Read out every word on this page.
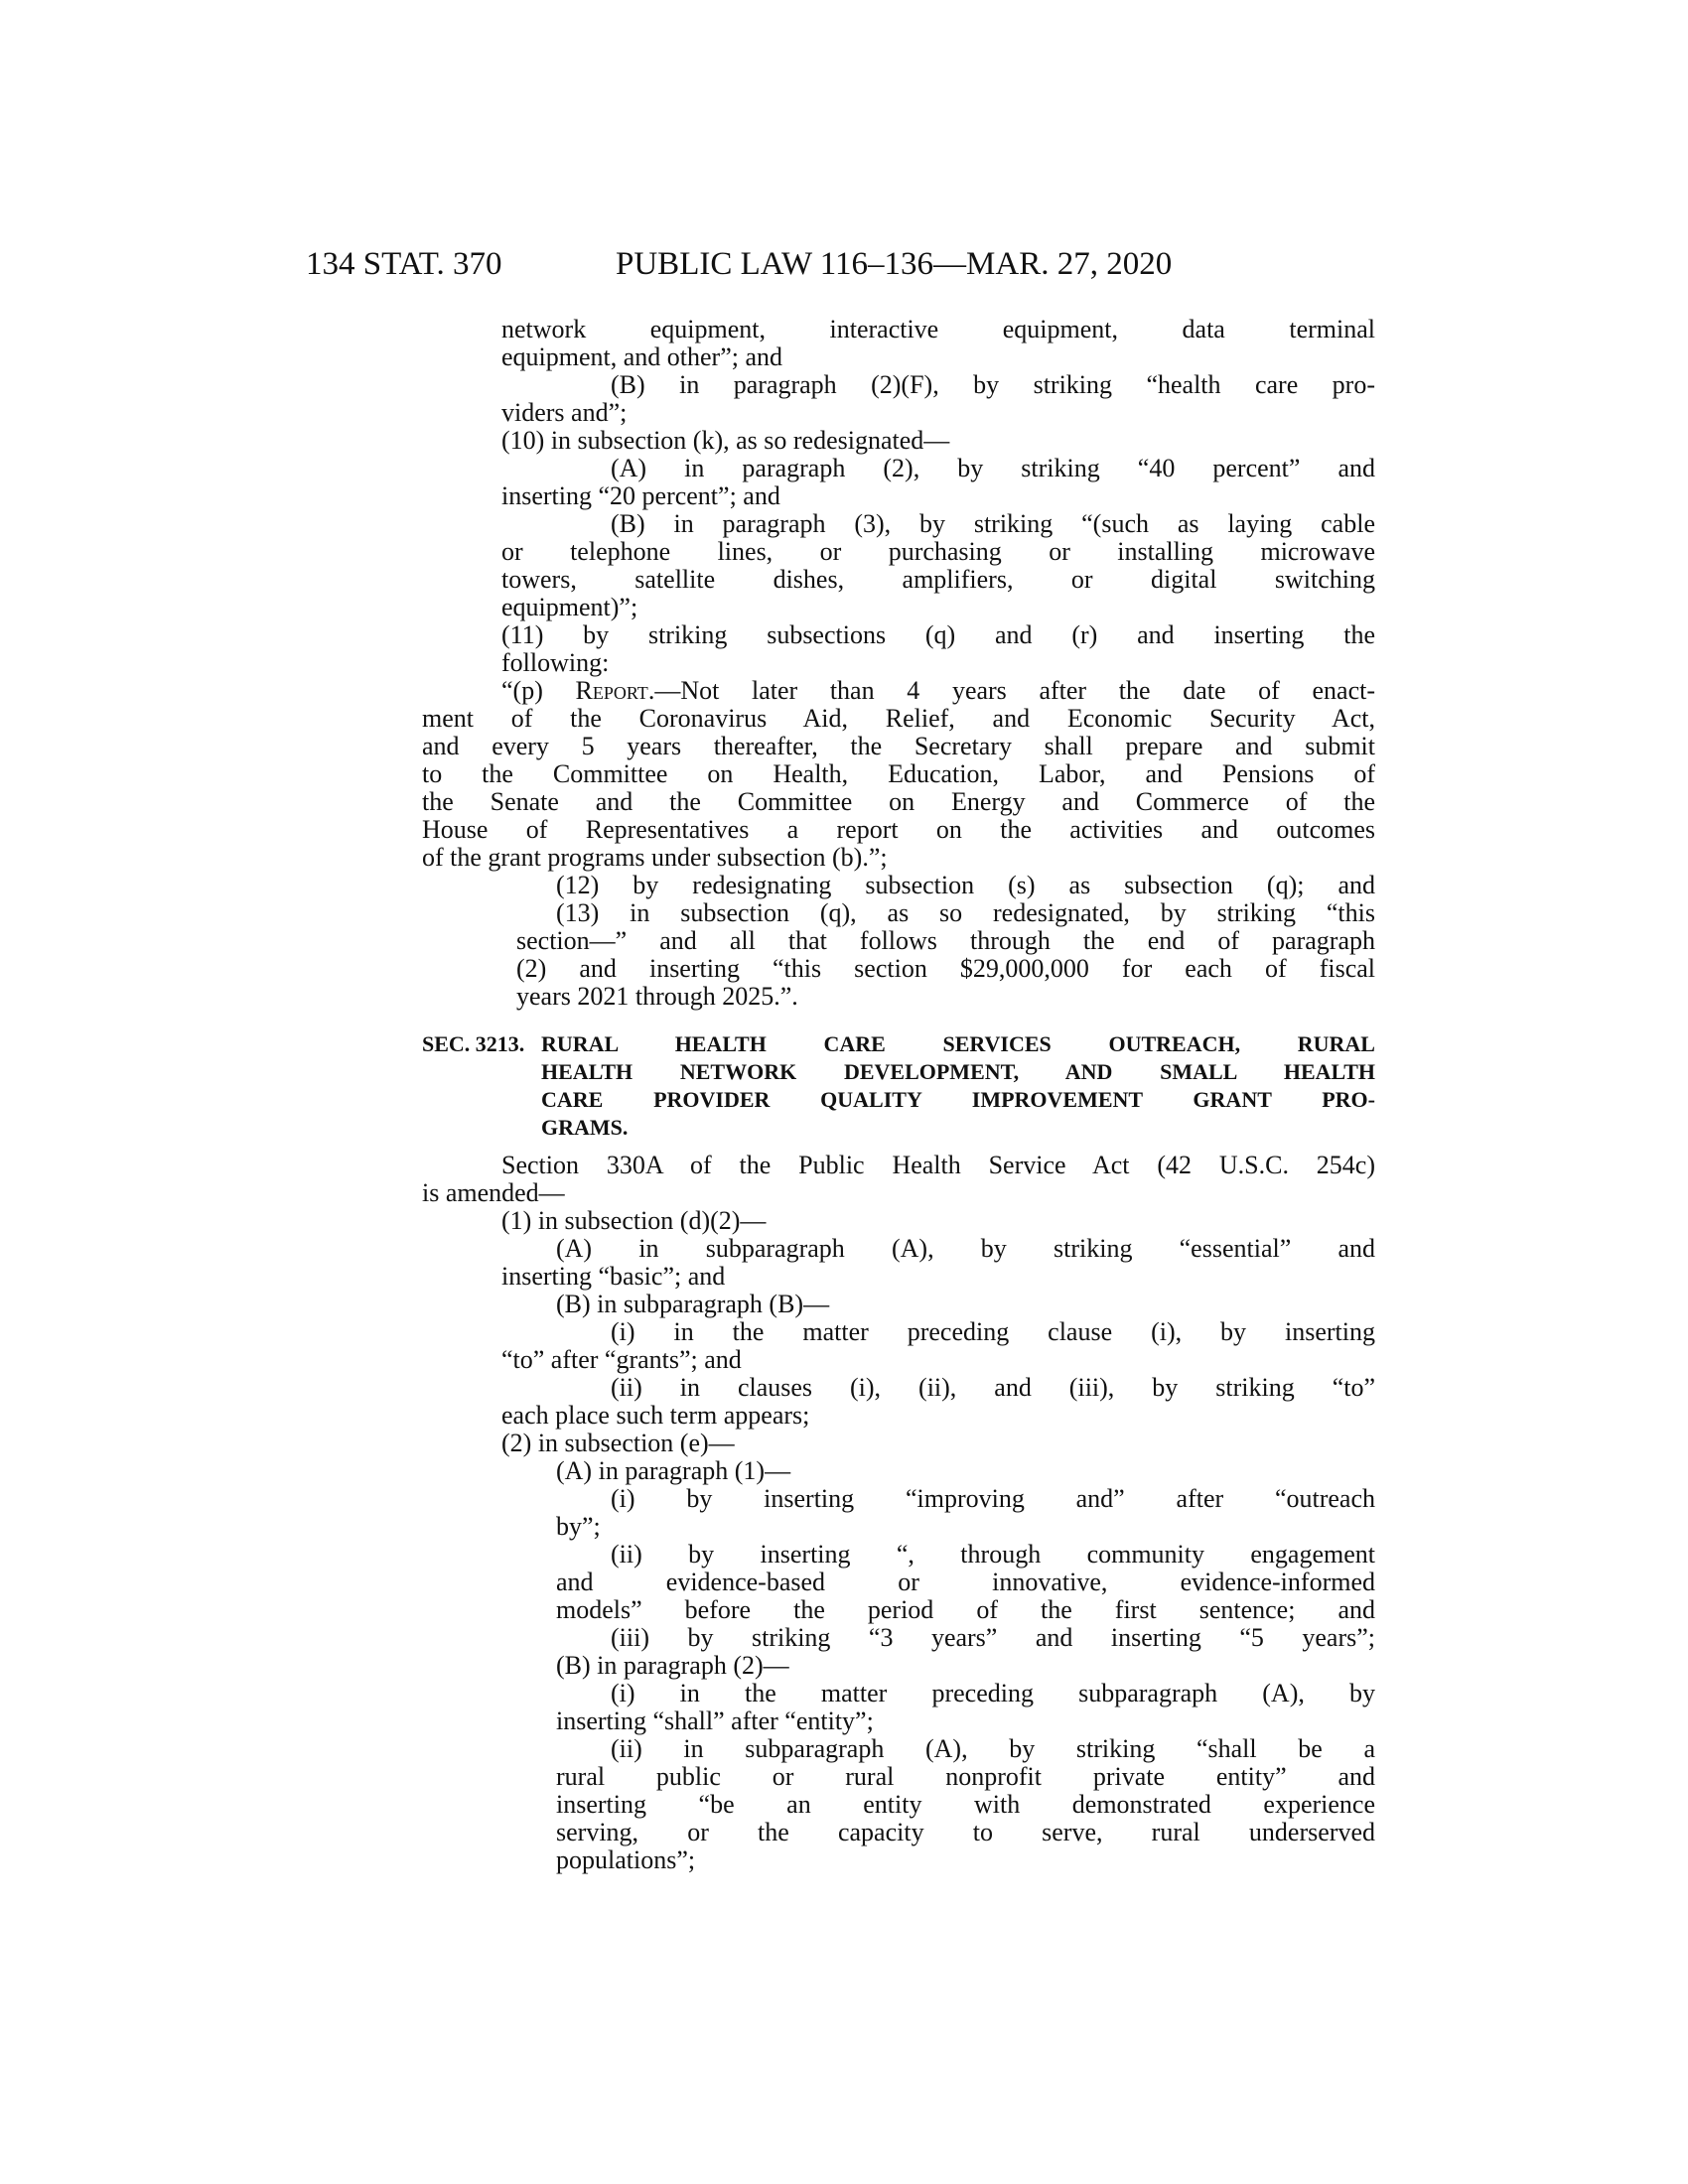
134 STAT. 370	PUBLIC LAW 116–136—MAR. 27, 2020
network equipment, interactive equipment, data terminal
equipment, and other”; and
(B) in paragraph (2)(F), by striking “health care pro-
viders and”;
(10) in subsection (k), as so redesignated—
(A) in paragraph (2), by striking “40 percent” and
inserting “20 percent”; and
(B) in paragraph (3), by striking “(such as laying cable
or telephone lines, or purchasing or installing microwave
towers, satellite dishes, amplifiers, or digital switching
equipment)”;
(11) by striking subsections (q) and (r) and inserting the
following:
“(p) Report.—Not later than 4 years after the date of enact-
ment of the Coronavirus Aid, Relief, and Economic Security Act,
and every 5 years thereafter, the Secretary shall prepare and submit
to the Committee on Health, Education, Labor, and Pensions of
the Senate and the Committee on Energy and Commerce of the
House of Representatives a report on the activities and outcomes
of the grant programs under subsection (b).”;
(12) by redesignating subsection (s) as subsection (q); and
(13) in subsection (q), as so redesignated, by striking “this
section—” and all that follows through the end of paragraph
(2) and inserting “this section $29,000,000 for each of fiscal
years 2021 through 2025.”.
SEC. 3213. RURAL HEALTH CARE SERVICES OUTREACH, RURAL
HEALTH NETWORK DEVELOPMENT, AND SMALL HEALTH
CARE PROVIDER QUALITY IMPROVEMENT GRANT PRO-
GRAMS.
Section 330A of the Public Health Service Act (42 U.S.C. 254c)
is amended—
(1) in subsection (d)(2)—
(A) in subparagraph (A), by striking “essential” and
inserting “basic”; and
(B) in subparagraph (B)—
(i) in the matter preceding clause (i), by inserting
“to” after “grants”; and
(ii) in clauses (i), (ii), and (iii), by striking “to”
each place such term appears;
(2) in subsection (e)—
(A) in paragraph (1)—
(i) by inserting “improving and” after “outreach
by”;
(ii) by inserting “, through community engagement
and evidence-based or innovative, evidence-informed
models” before the period of the first sentence; and
(iii) by striking “3 years” and inserting “5 years”;
(B) in paragraph (2)—
(i) in the matter preceding subparagraph (A), by
inserting “shall” after “entity”;
(ii) in subparagraph (A), by striking “shall be a
rural public or rural nonprofit private entity” and
inserting “be an entity with demonstrated experience
serving, or the capacity to serve, rural underserved
populations”;
